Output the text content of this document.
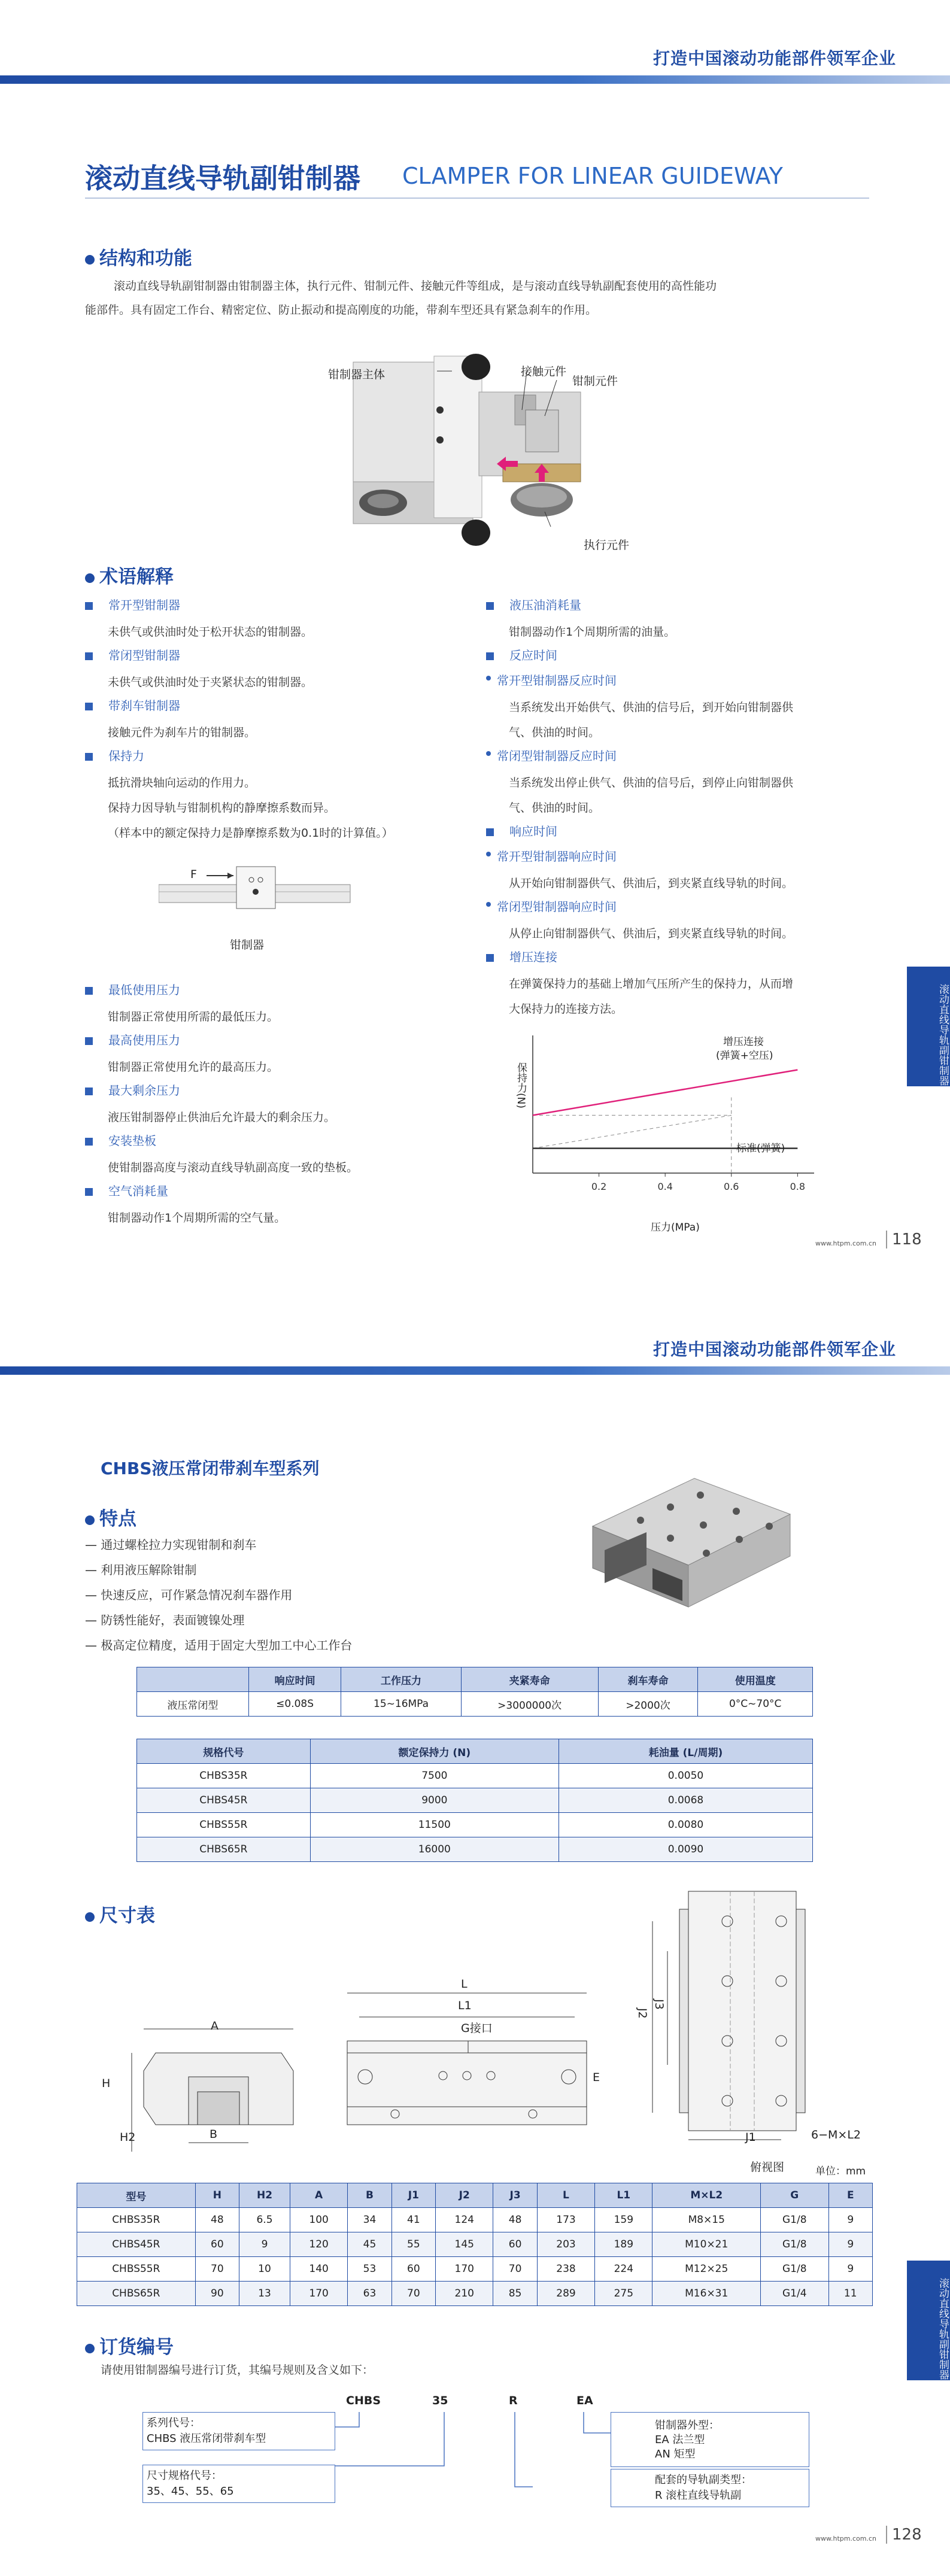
打造中国滚动功能部件领军企业
滚动直线导轨副钳制器 CLAMPER FOR LINEAR GUIDEWAY
结构和功能
滚动直线导轨副钳制器由钳制器主体，执行元件、钳制元件、接触元件等组成，是与滚动直线导轨副配套使用的高性能功
能部件。具有固定工作台、精密定位、防止振动和提高刚度的功能，带刹车型还具有紧急刹车的作用。
钳制器主体	接触元件
钳制元件
执行元件
术语解释
常开型钳制器
未供气或供油时处于松开状态的钳制器。
常闭型钳制器
未供气或供油时处于夹紧状态的钳制器。
带刹车钳制器
接触元件为刹车片的钳制器。
保持力
抵抗滑块轴向运动的作用力。
保持力因导轨与钳制机构的静摩擦系数而异。
（样本中的额定保持力是静摩擦系数为0.1时的计算值。）
最低使用压力
钳制器正常使用所需的最低压力。
最高使用压力
钳制器正常使用允许的最高压力。
最大剩余压力
液压钳制器停止供油后允许最大的剩余压力。
安装垫板
使钳制器高度与滚动直线导轨副高度一致的垫板。
空气消耗量
钳制器动作1个周期所需的空气量。
液压油消耗量
钳制器动作1个周期所需的油量。
反应时间
常开型钳制器反应时间
当系统发出开始供气、供油的信号后，到开始向钳制器供
气、供油的时间。
常闭型钳制器反应时间
当系统发出停止供气、供油的信号后，到停止向钳制器供
气、供油的时间。
响应时间
常开型钳制器响应时间
从开始向钳制器供气、供油后，到夹紧直线导轨的时间。
常闭型钳制器响应时间
从停止向钳制器供气、供油后，到夹紧直线导轨的时间。
增压连接
在弹簧保持力的基础上增加气压所产生的保持力，从而增
大保持力的连接方法。
F
钳制器
0.2	0.4	0.6	0.8
保持力(N)
压力(MPa)
增压连接
(弹簧+空压)
标准(弹簧)
滚动直线导轨副钳制器
www.htpm.com.cn	118
打造中国滚动功能部件领军企业
CHBS液压常闭带刹车型系列
特点
— 通过螺栓拉力实现钳制和刹车
— 利用液压解除钳制
— 快速反应，可作紧急情况刹车器作用
— 防锈性能好，表面镀镍处理
— 极高定位精度，适用于固定大型加工中心工作台
	响应时间	工作压力	夹紧寿命	刹车寿命	使用温度
液压常闭型	≤0.08S	15~16MPa	>3000000次	>2000次	0°C~70°C
规格代号	额定保持力 (N)	耗油量 (L/周期)
CHBS35R	7500	0.0050
CHBS45R	9000	0.0068
CHBS55R	11500	0.0080
CHBS65R	16000	0.0090
尺寸表
A
H
H2	B
L
L1
G接口
E
J2
J3
J1	6−M×L2
俯视图	单位：mm
型号	H	H2	A	B	J1	J2	J3	L	L1	M×L2	G	E
CHBS35R	48	6.5	100	34	41	124	48	173	159	M8×15	G1/8	9
CHBS45R	60	9	120	45	55	145	60	203	189	M10×21	G1/8	9
CHBS55R	70	10	140	53	60	170	70	238	224	M12×25	G1/8	9
CHBS65R	90	13	170	63	70	210	85	289	275	M16×31	G1/4	11
订货编号
请使用钳制器编号进行订货，其编号规则及含义如下：
CHBS	35	R	EA
系列代号：
CHBS 液压常闭带刹车型
尺寸规格代号：
35、45、55、65
钳制器外型：
EA 法兰型
AN 矩型
配套的导轨副类型：
R 滚柱直线导轨副
滚动直线导轨副钳制器
www.htpm.com.cn	128
